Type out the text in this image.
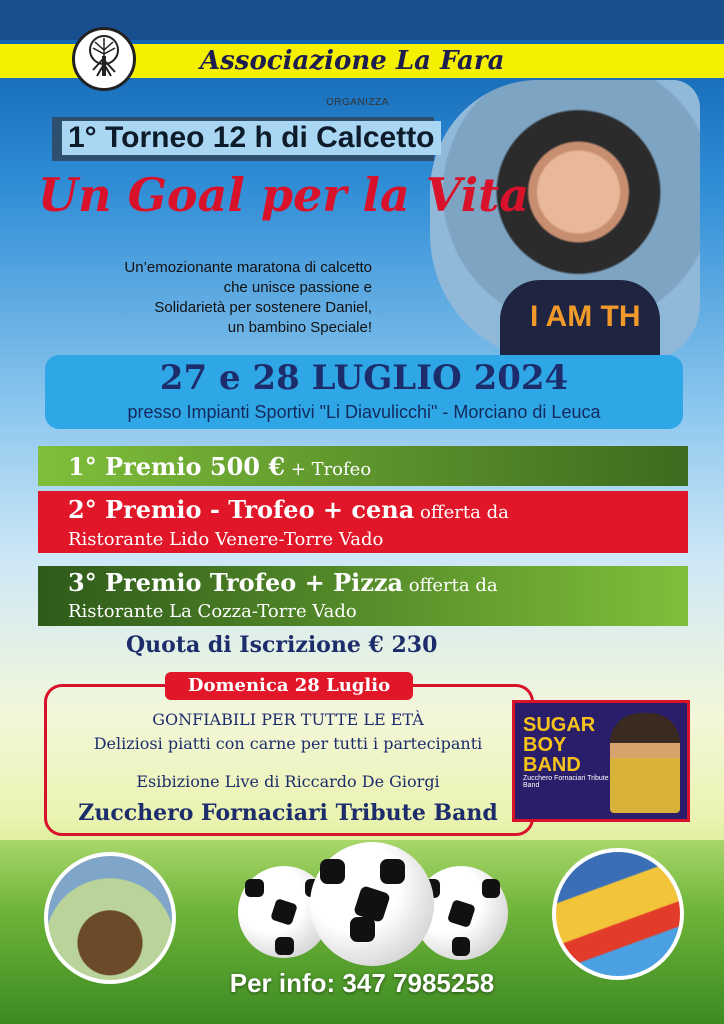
Associazione La Fara
ORGANIZZA
I AM TH
1° Torneo 12 h di Calcetto
Un Goal per la Vita
Un’emozionante maratona di calcetto
che unisce passione e
Solidarietà per sostenere Daniel,
un bambino Speciale!
27 e 28 LUGLIO 2024
presso Impianti Sportivi "Li Diavulicchi" - Morciano di Leuca
1° Premio 500 € + Trofeo
2° Premio - Trofeo + cena offerta da
Ristorante Lido Venere-Torre Vado
3° Premio Trofeo + Pizza offerta da
Ristorante La Cozza-Torre Vado
Quota di Iscrizione € 230
Domenica 28 Luglio
GONFIABILI PER TUTTE LE ETÀ
Deliziosi piatti con carne per tutti i partecipanti
Esibizione Live di Riccardo De Giorgi
Zucchero Fornaciari Tribute Band
SUGAR BOY BAND
Zucchero Fornaciari Tribute Band
Per info: 347 7985258
